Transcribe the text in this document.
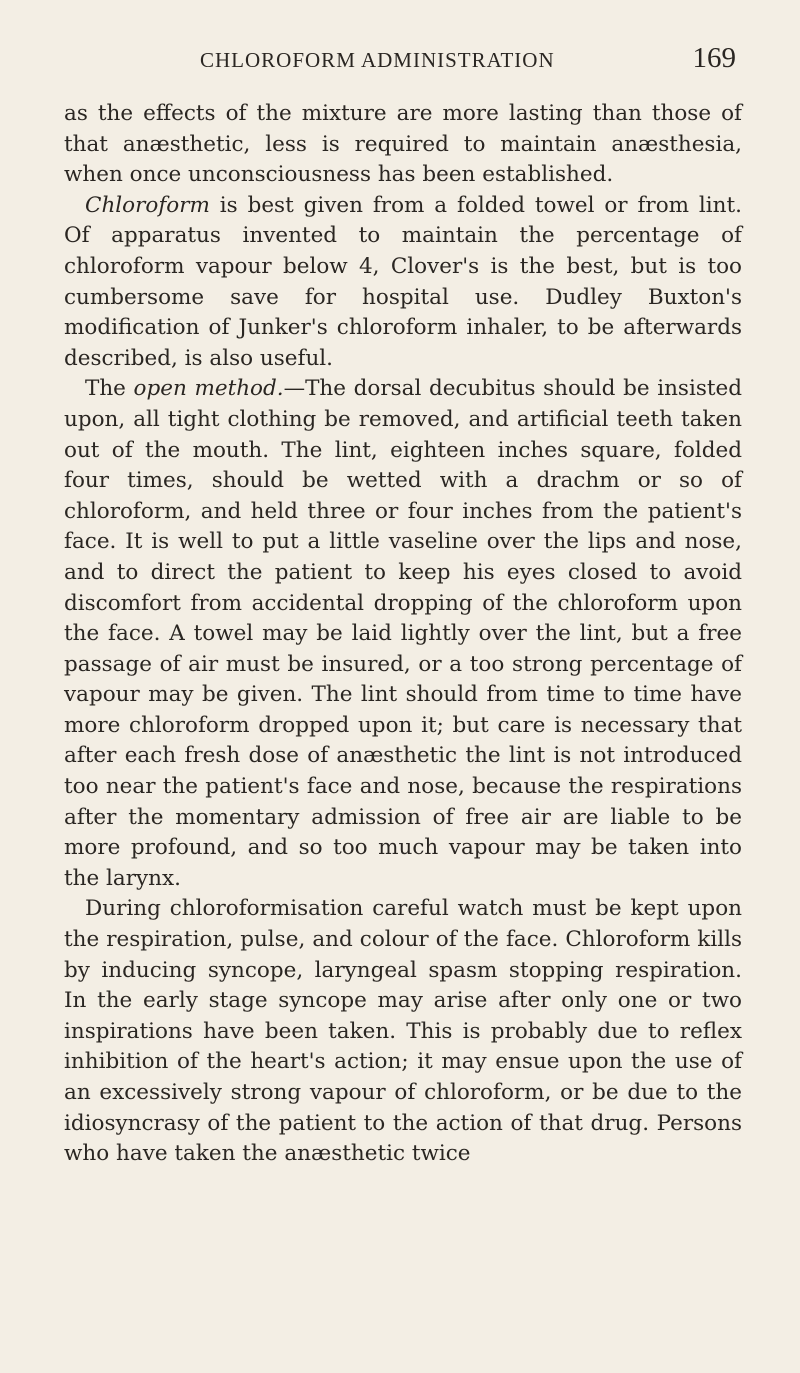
CHLOROFORM ADMINISTRATION	169

as the effects of the mixture are more lasting than those of that anæsthetic, less is required to maintain anæsthesia, when once unconsciousness has been established.

Chloroform is best given from a folded towel or from lint. Of apparatus invented to maintain the percentage of chloroform vapour below 4, Clover's is the best, but is too cumbersome save for hospital use. Dudley Buxton's modification of Junker's chloroform inhaler, to be afterwards described, is also useful.

The open method.—The dorsal decubitus should be insisted upon, all tight clothing be removed, and artificial teeth taken out of the mouth. The lint, eighteen inches square, folded four times, should be wetted with a drachm or so of chloroform, and held three or four inches from the patient's face. It is well to put a little vaseline over the lips and nose, and to direct the patient to keep his eyes closed to avoid discomfort from accidental dropping of the chloroform upon the face. A towel may be laid lightly over the lint, but a free passage of air must be insured, or a too strong percentage of vapour may be given. The lint should from time to time have more chloroform dropped upon it; but care is necessary that after each fresh dose of anæsthetic the lint is not introduced too near the patient's face and nose, because the respirations after the momentary admission of free air are liable to be more profound, and so too much vapour may be taken into the larynx.

During chloroformisation careful watch must be kept upon the respiration, pulse, and colour of the face. Chloroform kills by inducing syncope, laryngeal spasm stopping respiration. In the early stage syncope may arise after only one or two inspirations have been taken. This is probably due to reflex inhibition of the heart's action; it may ensue upon the use of an excessively strong vapour of chloroform, or be due to the idiosyncrasy of the patient to the action of that drug. Persons who have taken the anæsthetic twice
